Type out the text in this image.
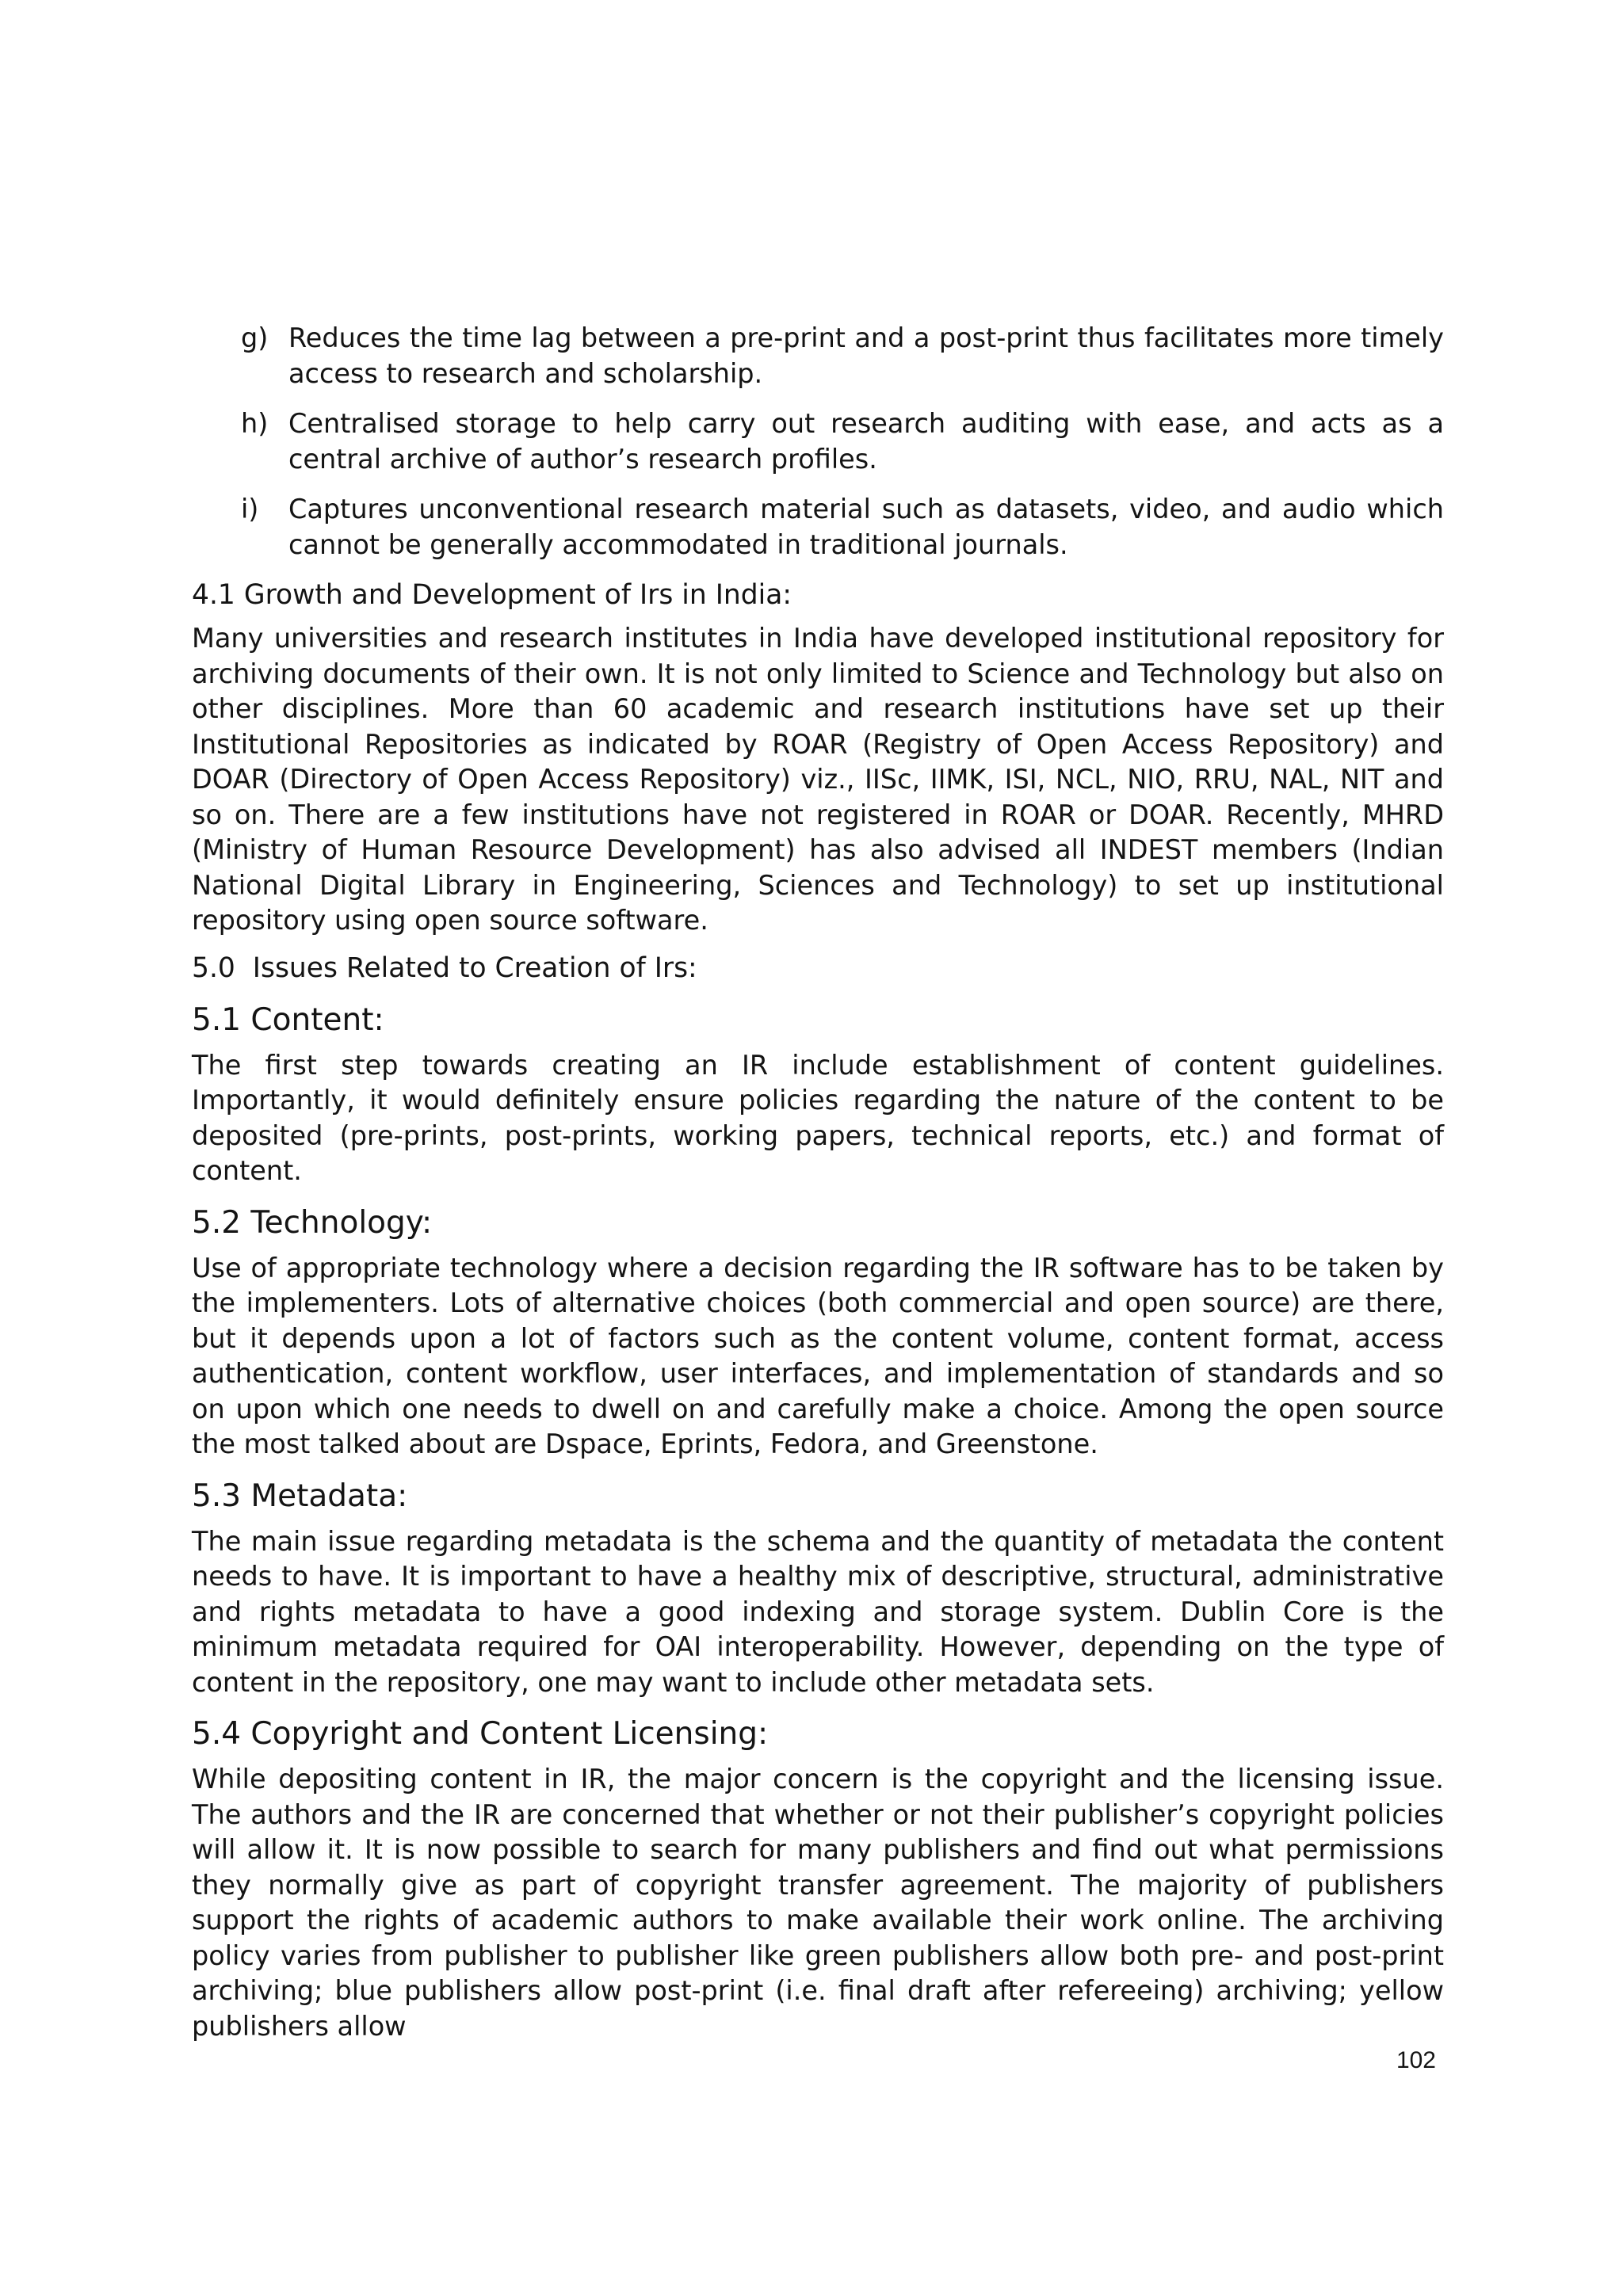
g) Reduces the time lag between a pre-print and a post-print thus facilitates more timely access to research and scholarship.
h) Centralised storage to help carry out research auditing with ease, and acts as a central archive of author’s research profiles.
i) Captures unconventional research material such as datasets, video, and audio which cannot be generally accommodated in traditional journals.
4.1 Growth and Development of Irs in India:

Many universities and research institutes in India have developed institutional repository for archiving documents of their own. It is not only limited to Science and Technology but also on other disciplines. More than 60 academic and research institutions have set up their Institutional Repositories as indicated by ROAR (Registry of Open Access Repository) and DOAR (Directory of Open Access Repository) viz., IISc, IIMK, ISI, NCL, NIO, RRU, NAL, NIT and so on. There are a few institutions have not registered in ROAR or DOAR. Recently, MHRD (Ministry of Human Resource Development) has also advised all INDEST members (Indian National Digital Library in Engineering, Sciences and Technology) to set up institutional repository using open source software.

5.0  Issues Related to Creation of Irs:
5.1 Content:

The first step towards creating an IR include establishment of content guidelines. Importantly, it would definitely ensure policies regarding the nature of the content to be deposited (pre-prints, post-prints, working papers, technical reports, etc.) and format of content.

5.2 Technology:

Use of appropriate technology where a decision regarding the IR software has to be taken by the implementers. Lots of alternative choices (both commercial and open source) are there, but it depends upon a lot of factors such as the content volume, content format, access authentication, content workflow, user interfaces, and implementation of standards and so on upon which one needs to dwell on and carefully make a choice. Among the open source the most talked about are Dspace, Eprints, Fedora, and Greenstone.

5.3 Metadata:

The main issue regarding metadata is the schema and the quantity of metadata the content needs to have. It is important to have a healthy mix of descriptive, structural, administrative and rights metadata to have a good indexing and storage system. Dublin Core is the minimum metadata required for OAI interoperability. However, depending on the type of content in the repository, one may want to include other metadata sets.

5.4 Copyright and Content Licensing:

While depositing content in IR, the major concern is the copyright and the licensing issue. The authors and the IR are concerned that whether or not their publisher’s copyright policies will allow it. It is now possible to search for many publishers and find out what permissions they normally give as part of copyright transfer agreement. The majority of publishers support the rights of academic authors to make available their work online. The archiving policy varies from publisher to publisher like green publishers allow both pre- and post-print archiving; blue publishers allow post-print (i.e. final draft after refereeing) archiving; yellow publishers allow

102
